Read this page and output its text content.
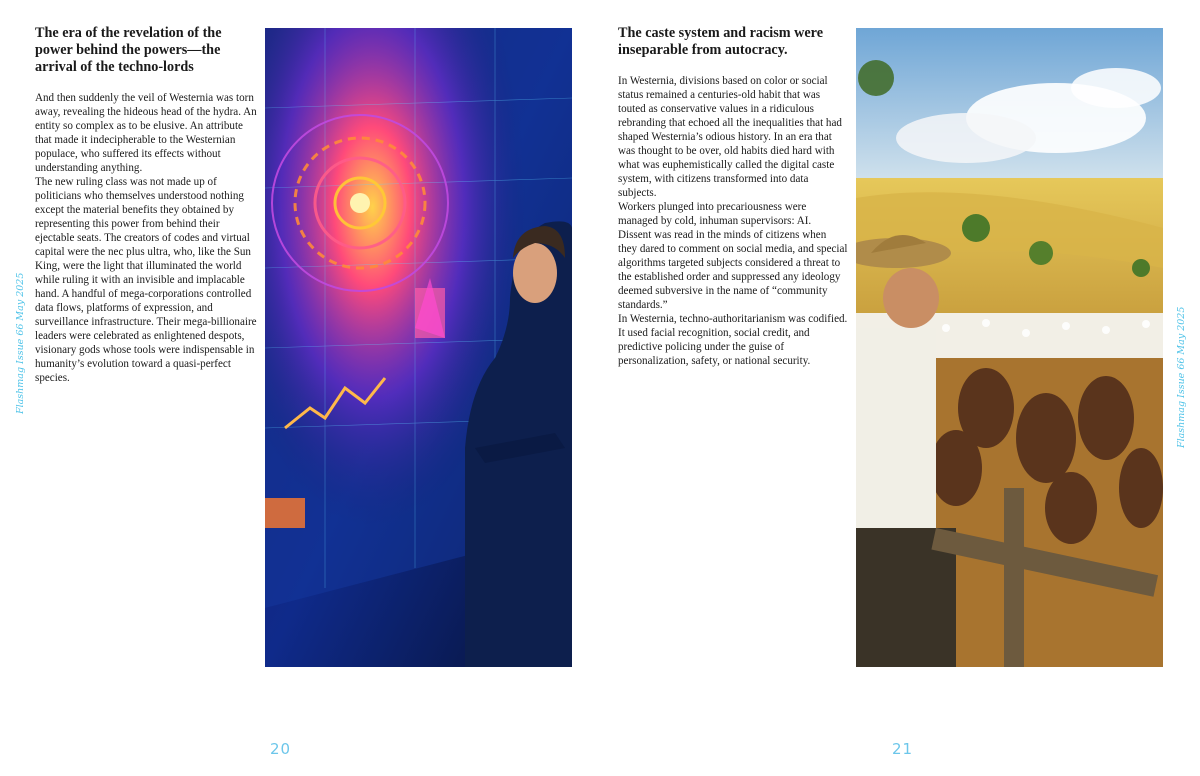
Flashmag Issue 66 May 2025
The era of the revelation of the power behind the powers—the arrival of the techno-lords

And then suddenly the veil of Westernia was torn away, revealing the hideous head of the hydra. An entity so complex as to be elusive. An attribute that made it indecipherable to the Westernian populace, who suffered its effects without understanding anything.

The new ruling class was not made up of politicians who themselves understood nothing except the material benefits they obtained by representing this power from behind their ejectable seats. The creators of codes and virtual capital were the nec plus ultra, who, like the Sun King, were the light that illuminated the world while ruling it with an invisible and implacable hand. A handful of mega-corporations controlled data flows, platforms of expression, and surveillance infrastructure. Their mega-billionaire leaders were celebrated as enlightened despots, visionary gods whose tools were indispensable in humanity’s evolution toward a quasi-perfect species.

20
The caste system and racism were inseparable from autocracy.

In Westernia, divisions based on color or social status remained a centuries-old habit that was touted as conservative values in a ridiculous rebranding that echoed all the inequalities that had shaped Westernia’s odious history. In an era that was thought to be over, old habits died hard with what was euphemistically called the digital caste system, with citizens transformed into data subjects.

Workers plunged into precariousness were managed by cold, inhuman supervisors: AI.

Dissent was read in the minds of citizens when they dared to comment on social media, and special algorithms targeted subjects considered a threat to the established order and suppressed any ideology deemed subversive in the name of “community standards.”

In Westernia, techno-authoritarianism was codified. It used facial recognition, social credit, and predictive policing under the guise of personalization, safety, or national security.	Flashmag Issue 66 May 2025
21
